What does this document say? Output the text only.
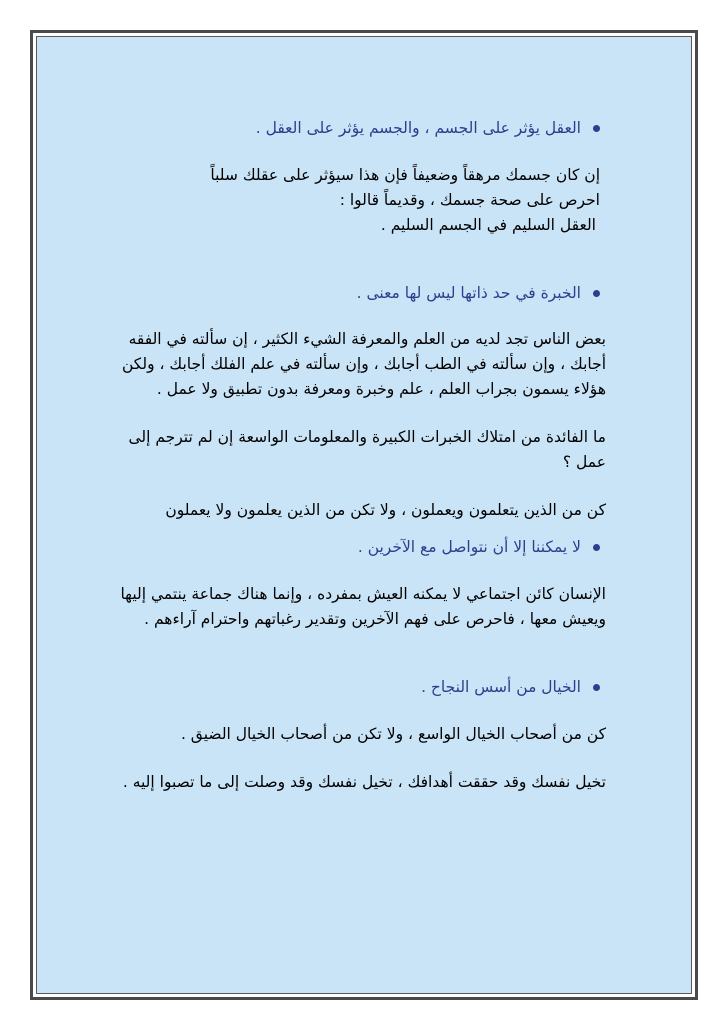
العقل يؤثر على الجسم ، والجسم يؤثر على العقل .

إن كان جسمك مرهقاً وضعيفاً فإن هذا سيؤثر على عقلك سلباً

احرص على صحة جسمك ، وقديماً قالوا :

العقل السليم في الجسم السليم .

الخبرة في حد ذاتها ليس لها معنى .

بعض الناس تجد لديه من العلم والمعرفة الشيء الكثير ، إن سألته في الفقه أجابك ، وإن سألته في الطب أجابك ، وإن سألته في علم الفلك أجابك ، ولكن هؤلاء يسمون بجراب العلم ، علم وخبرة ومعرفة بدون تطبيق ولا عمل .

ما الفائدة من امتلاك الخبرات الكبيرة والمعلومات الواسعة إن لم تترجم إلى عمل ؟

كن من الذين يتعلمون ويعملون ، ولا تكن من الذين يعلمون ولا يعملون

لا يمكننا إلا أن نتواصل مع الآخرين .

الإنسان كائن اجتماعي لا يمكنه العيش بمفرده ، وإنما هناك جماعة ينتمي إليها ويعيش معها ، فاحرص على فهم الآخرين وتقدير رغباتهم واحترام آراءهم .

الخيال من أسس النجاح .

كن من أصحاب الخيال الواسع ، ولا تكن من أصحاب الخيال الضيق .

تخيل نفسك وقد حققت أهدافك ، تخيل نفسك وقد وصلت إلى ما تصبوا إليه .
